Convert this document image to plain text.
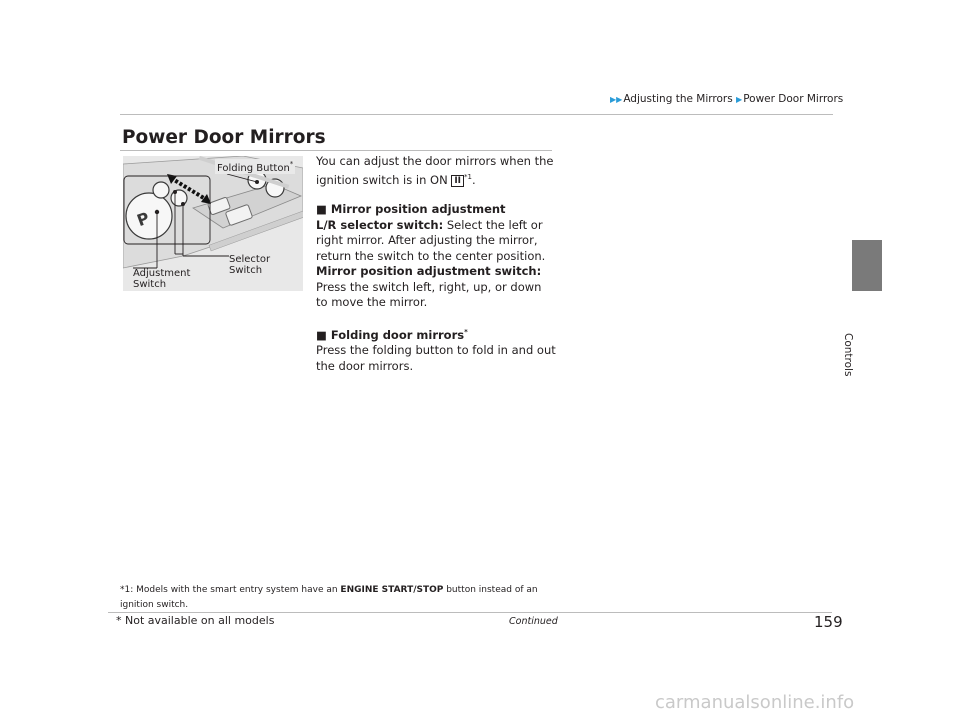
▶▶Adjusting the Mirrors ▶Power Door Mirrors
Power Door Mirrors
P
Folding Button*
Selector
Switch
Adjustment
Switch

You can adjust the door mirrors when the ignition switch is in ON II $^{*1}$.

■ Mirror position adjustment

L/R selector switch: Select the left or right mirror. After adjusting the mirror, return the switch to the center position.

Mirror position adjustment switch: Press the switch left, right, up, or down to move the mirror.

■ Folding door mirrors*

Press the folding button to fold in and out the door mirrors.	Controls
*1: Models with the smart entry system have an ENGINE START/STOP button instead of an ignition switch.
* Not available on all models	Continued	159
carmanualsonline.info
